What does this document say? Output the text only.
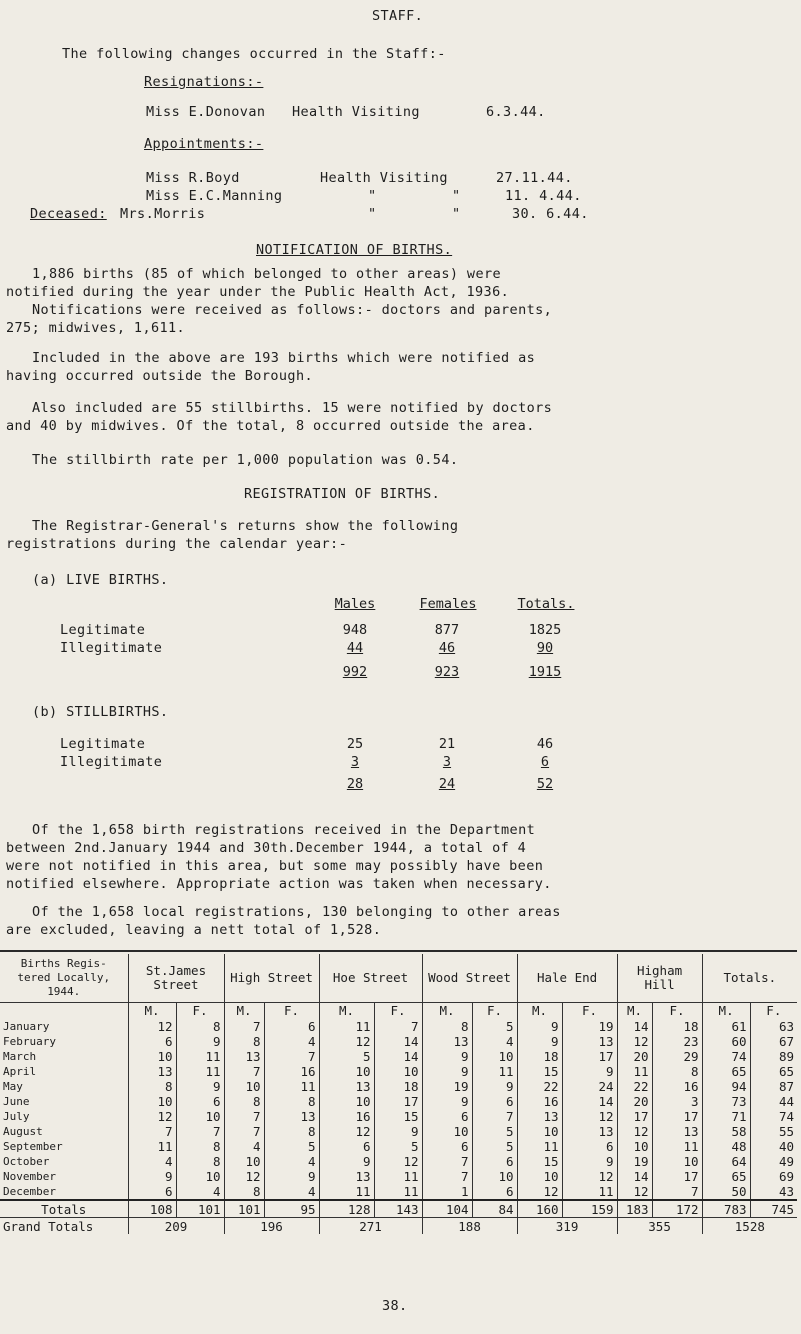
STAFF.
The following changes occurred in the Staff:-
Resignations:-
Miss E.Donovan Health Visiting	6.3.44.
Appointments:-
Miss R.Boyd	Health Visiting	27.11.44.
Miss E.C.Manning	"	"	11. 4.44.
Deceased: Mrs.Morris	"	"	30. 6.44.
NOTIFICATION OF BIRTHS.
1,886 births (85 of which belonged to other areas) were
notified during the year under the Public Health Act, 1936.
Notifications were received as follows:- doctors and parents,
275; midwives, 1,611.
Included in the above are 193 births which were notified as
having occurred outside the Borough.
Also included are 55 stillbirths. 15 were notified by doctors
and 40 by midwives. Of the total, 8 occurred outside the area.
The stillbirth rate per 1,000 population was 0.54.
REGISTRATION OF BIRTHS.
The Registrar-General's returns show the following
registrations during the calendar year:-
(a) LIVE BIRTHS.
Males	Females	Totals.
Legitimate	948	877	1825
Illegitimate	44	46	90
992	923	1915
(b) STILLBIRTHS.
Legitimate	25	21	46
Illegitimate	3	3	6
28	24	52
Of the 1,658 birth registrations received in the Department
between 2nd.January 1944 and 30th.December 1944, a total of 4
were not notified in this area, but some may possibly have been
notified elsewhere. Appropriate action was taken when necessary.
Of the 1,658 local registrations, 130 belonging to other areas
are excluded, leaving a nett total of 1,528.
Births Regis- tered Locally, 1944.	St.James Street		High Street		Hoe Street		Wood Street		Hale End		Higham Hill		Totals.	
	M.	F.	M.	F.	M.	F.	M.	F.	M.	F.	M.	F.	M.	F.
January	12	8	7	6	11	7	8	5	9	19	14	18	61	63
February	6	9	8	4	12	14	13	4	9	13	12	23	60	67
March	10	11	13	7	5	14	9	10	18	17	20	29	74	89
April	13	11	7	16	10	10	9	11	15	9	11	8	65	65
May	8	9	10	11	13	18	19	9	22	24	22	16	94	87
June	10	6	8	8	10	17	9	6	16	14	20	3	73	44
July	12	10	7	13	16	15	6	7	13	12	17	17	71	74
August	7	7	7	8	12	9	10	5	10	13	12	13	58	55
September	11	8	4	5	6	5	6	5	11	6	10	11	48	40
October	4	8	10	4	9	12	7	6	15	9	19	10	64	49
November	9	10	12	9	13	11	7	10	10	12	14	17	65	69
December	6	4	8	4	11	11	1	6	12	11	12	7	50	43
Totals	108	101	101	95	128	143	104	84	160	159	183	172	783	745
Grand Totals	209		196		271		188		319		355		1528	
38.
